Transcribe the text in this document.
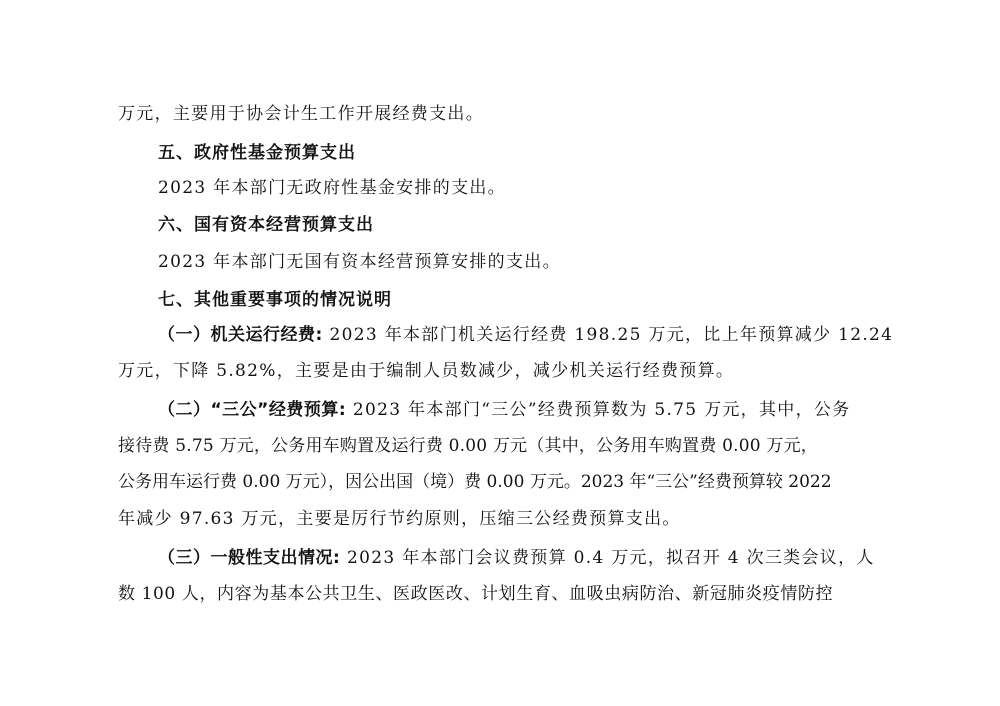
万元，主要用于协会计生工作开展经费支出。
五、政府性基金预算支出
2023 年本部门无政府性基金安排的支出。
六、国有资本经营预算支出
2023 年本部门无国有资本经营预算安排的支出。
七、其他重要事项的情况说明
（一）机关运行经费: 2023 年本部门机关运行经费 198.25 万元，比上年预算减少 12.24
万元，下降 5.82%，主要是由于编制人员数减少，减少机关运行经费预算。
（二）“三公”经费预算: 2023 年本部门“三公”经费预算数为 5.75 万元，其中，公务
接待费 5.75 万元，公务用车购置及运行费 0.00 万元（其中，公务用车购置费 0.00 万元，
公务用车运行费 0.00 万元），因公出国（境）费 0.00 万元。2023 年“三公”经费预算较 2022
年减少 97.63 万元，主要是厉行节约原则，压缩三公经费预算支出。
（三）一般性支出情况: 2023 年本部门会议费预算 0.4 万元，拟召开 4 次三类会议，人
数 100 人，内容为基本公共卫生、医政医改、计划生育、血吸虫病防治、新冠肺炎疫情防控
